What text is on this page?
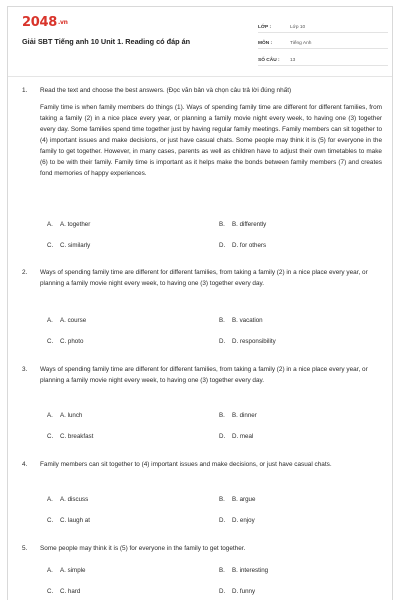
2048.vn
Giải SBT Tiếng anh 10 Unit 1. Reading có đáp án
LỚP :	Lớp 10
MÔN :	Tiếng Anh
SỐ CÂU :	13
1.	Read the text and choose the best answers. (Đọc văn bản và chọn câu trả lời đúng nhất)
Family time is when family members do things (1). Ways of spending family time are different for different families, from taking a family (2) in a nice place every year, or planning a family movie night every week, to having one (3) together every day. Some families spend time together just by having regular family meetings. Family members can sit together to (4) important issues and make decisions, or just have casual chats. Some people may think it is (5) for everyone in the family to get together. However, in many cases, parents as well as children have to adjust their own timetables to make (6) to be with their family. Family time is important as it helps make the bonds between family members (7) and creates fond memories of happy experiences.
A. A. together	B. B. differently
C. C. similarly	D. D. for others
2.	Ways of spending family time are different for different families, from taking a family (2) in a nice place every year, or planning a family movie night every week, to having one (3) together every day.
A. A. course	B. B. vacation
C. C. photo	D. D. responsibility
3.	Ways of spending family time are different for different families, from taking a family (2) in a nice place every year, or planning a family movie night every week, to having one (3) together every day.
A. A. lunch	B. B. dinner
C. C. breakfast	D. D. meal
4.	Family members can sit together to (4) important issues and make decisions, or just have casual chats.
A. A. discuss	B. B. argue
C. C. laugh at	D. D. enjoy
5.	Some people may think it is (5) for everyone in the family to get together.
A. A. simple	B. B. interesting
C. C. hard	D. D. funny
